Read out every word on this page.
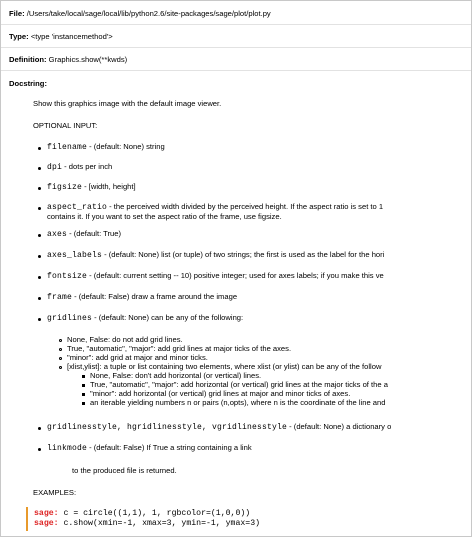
File: /Users/take/local/sage/local/lib/python2.6/site-packages/sage/plot/plot.py
Type: <type 'instancemethod'>
Definition: Graphics.show(**kwds)
Docstring:
Show this graphics image with the default image viewer.
OPTIONAL INPUT:
filename - (default: None) string
dpi - dots per inch
figsize - [width, height]
aspect_ratio - the perceived width divided by the perceived height. If the aspect ratio is set to 1
contains it. If you want to set the aspect ratio of the frame, use figsize.
axes - (default: True)
axes_labels - (default: None) list (or tuple) of two strings; the first is used as the label for the hori
fontsize - (default: current setting -- 10) positive integer; used for axes labels; if you make this ve
frame - (default: False) draw a frame around the image
gridlines - (default: None) can be any of the following:
None, False: do not add grid lines.
True, "automatic", "major": add grid lines at major ticks of the axes.
"minor": add grid at major and minor ticks.
[xlist,ylist]: a tuple or list containing two elements, where xlist (or ylist) can be any of the follow
None, False: don't add horizontal (or vertical) lines.
True, "automatic", "major": add horizontal (or vertical) grid lines at the major ticks of the a
"minor": add horizontal (or vertical) grid lines at major and minor ticks of axes.
an iterable yielding numbers n or pairs (n,opts), where n is the coordinate of the line and
gridlinesstyle, hgridlinesstyle, vgridlinesstyle - (default: None) a dictionary o
linkmode - (default: False) If True a string containing a link
to the produced file is returned.
EXAMPLES:
sage: c = circle((1,1), 1, rgbcolor=(1,0,0))
sage: c.show(xmin=-1, xmax=3, ymin=-1, ymax=3)
